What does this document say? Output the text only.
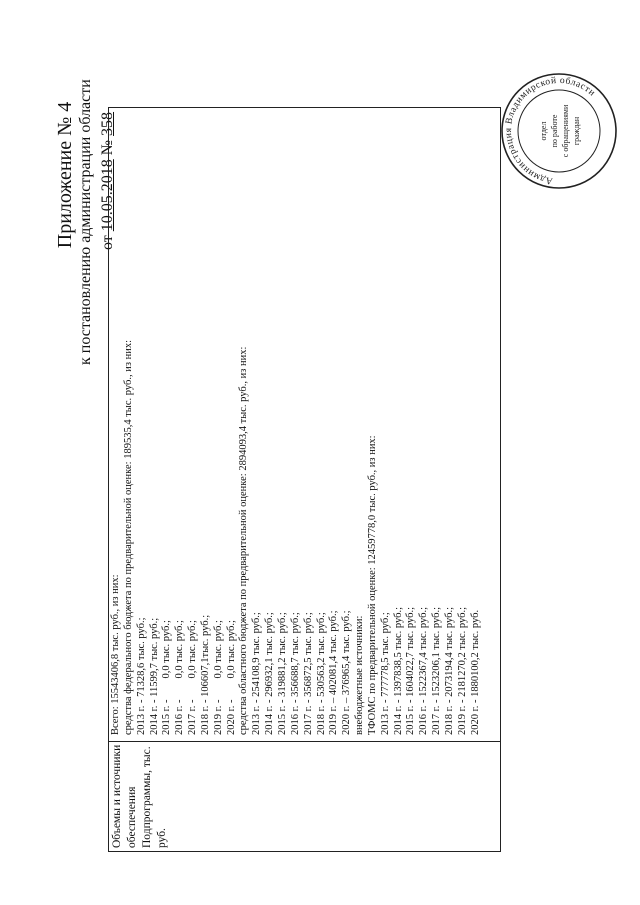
Приложение № 4 к постановлению администрации области от 10.05.2018 № 358
Объемы и источники обеспечения Подпрограммы, тыс. руб.
Всего: 15543406,8 тыс. руб., из них: средства федерального бюджета по предварительной оценке: 189535,4 тыс. руб., из них: 2013 г. - 71328,6 тыс. руб.; 2014 г. - 11599,7 тыс. руб.; 2015 г. -        0,0 тыс. руб.; 2016 г. -        0,0 тыс. руб.; 2017 г. -        0,0 тыс. руб.; 2018 г. - 106607,1тыс. руб.; 2019 г. -        0,0 тыс. руб.; 2020 г. -        0,0 тыс. руб.; средства областного бюджета по предварительной оценке: 2894093,4 тыс. руб., из них: 2013 г. - 254108,9 тыс. руб.; 2014 г. - 296932,1 тыс. руб.; 2015 г. - 319881,2 тыс. руб.; 2016 г. - 356688,7 тыс. руб.; 2017 г. - 356872,5 тыс. руб.; 2018 г. - 530563,2 тыс. руб.; 2019 г. – 402081,4 тыс. руб.; 2020 г. – 376965,4 тыс. руб.; внебюджетные источники: ТФОМС по предварительной оценке: 12459778,0 тыс. руб., из них: 2013 г. - 777778,5 тыс. руб.; 2014 г. - 1397838,5 тыс. руб.; 2015 г. - 1604022,7 тыс. руб.; 2016 г. - 1522367,4 тыс. руб.; 2017 г. - 1523206,1 тыс. руб.; 2018 г. - 2073194,4 тыс. руб.; 2019 г. - 2181270,2 тыс. руб.; 2020 г. - 1880100,2 тыс. руб.
Администрация Владимирской области
отдел по работе с обращениями граждан
